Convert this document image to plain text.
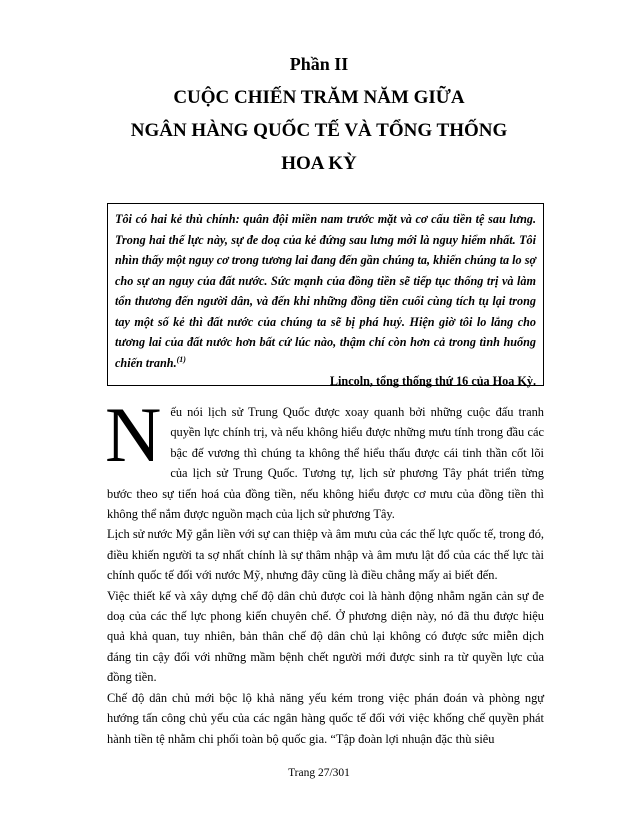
Phần II
CUỘC CHIẾN TRĂM NĂM GIỮA
NGÂN HÀNG QUỐC TẾ VÀ TỔNG THỐNG
HOA KỲ

Tôi có hai kẻ thù chính: quân đội miền nam trước mặt và cơ cấu tiền tệ sau lưng. Trong hai thế lực này, sự đe doạ của kẻ đứng sau lưng mới là nguy hiểm nhất. Tôi nhìn thấy một nguy cơ trong tương lai đang đến gần chúng ta, khiến chúng ta lo sợ cho sự an nguy của đất nước. Sức mạnh của đồng tiền sẽ tiếp tục thống trị và làm tổn thương đến người dân, và đến khi những đồng tiền cuối cùng tích tụ lại trong tay một số kẻ thì đất nước của chúng ta sẽ bị phá huỷ. Hiện giờ tôi lo lắng cho tương lai của đất nước hơn bất cứ lúc nào, thậm chí còn hơn cả trong tình huống chiến tranh.$^{(1)}$

Lincoln, tổng thống thứ 16 của Hoa Kỳ.

Nếu nói lịch sử Trung Quốc được xoay quanh bởi những cuộc đấu tranh quyền lực chính trị, và nếu không hiểu được những mưu tính trong đầu các bậc đế vương thì chúng ta không thể hiểu thấu được cái tinh thần cốt lõi của lịch sử Trung Quốc. Tương tự, lịch sử phương Tây phát triển từng bước theo sự tiến hoá của đồng tiền, nếu không hiểu được cơ mưu của đồng tiền thì không thể nắm được nguồn mạch của lịch sử phương Tây.

Lịch sử nước Mỹ gắn liền với sự can thiệp và âm mưu của các thế lực quốc tế, trong đó, điều khiến người ta sợ nhất chính là sự thâm nhập và âm mưu lật đổ của các thế lực tài chính quốc tế đối với nước Mỹ, nhưng đây cũng là điều chẳng mấy ai biết đến.

Việc thiết kế và xây dựng chế độ dân chủ được coi là hành động nhằm ngăn cản sự đe doạ của các thế lực phong kiến chuyên chế. Ở phương diện này, nó đã thu được hiệu quả khả quan, tuy nhiên, bản thân chế độ dân chủ lại không có được sức miễn dịch đáng tin cậy đối với những mầm bệnh chết người mới được sinh ra từ quyền lực của đồng tiền.

Chế độ dân chủ mới bộc lộ khả năng yếu kém trong việc phán đoán và phòng ngự hướng tấn công chủ yếu của các ngân hàng quốc tế đối với việc khống chế quyền phát hành tiền tệ nhằm chi phối toàn bộ quốc gia. “Tập đoàn lợi nhuận đặc thù siêu

Trang 27/301
